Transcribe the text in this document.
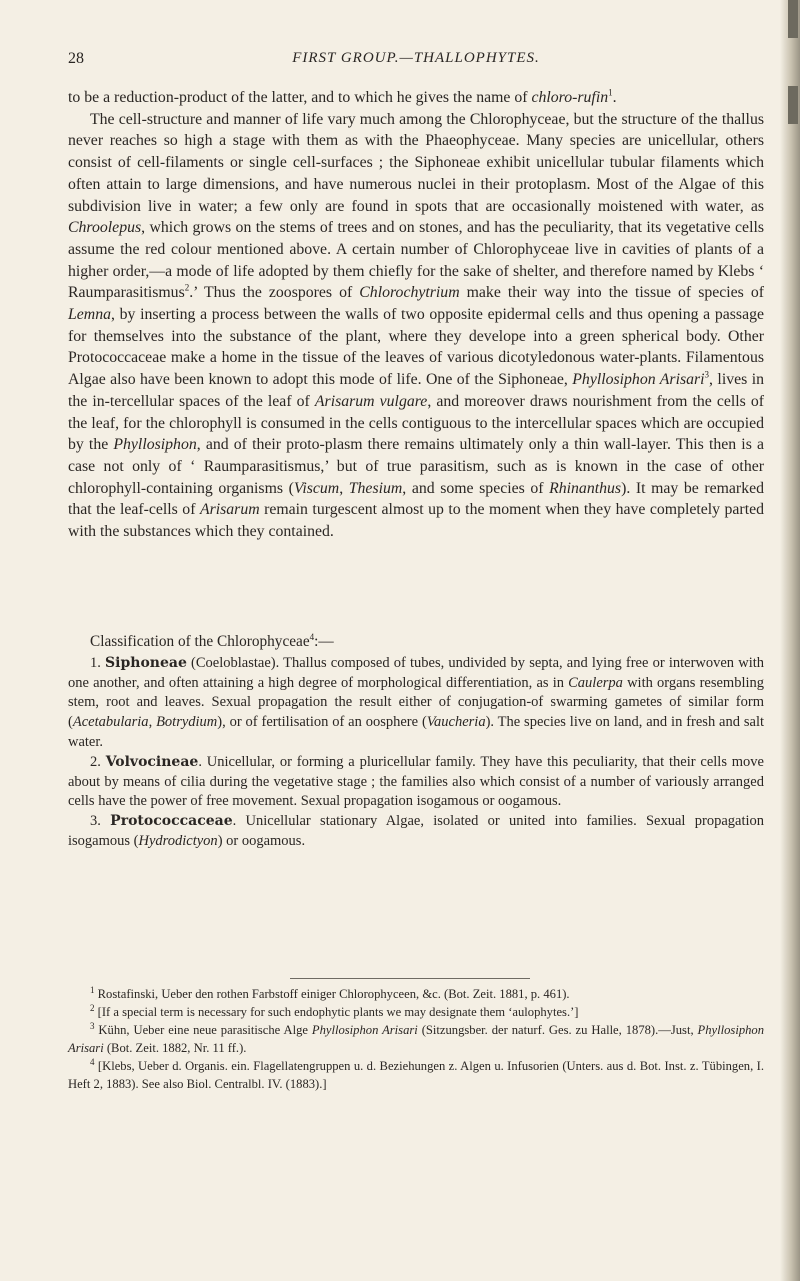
28	FIRST GROUP.—THALLOPHYTES.

to be a reduction-product of the latter, and to which he gives the name of chloro-rufin$^1$.

The cell-structure and manner of life vary much among the Chlorophyceae, but the structure of the thallus never reaches so high a stage with them as with the Phaeophyceae. Many species are unicellular, others consist of cell-filaments or single cell-surfaces ; the Siphoneae exhibit unicellular tubular filaments which often attain to large dimensions, and have numerous nuclei in their protoplasm. Most of the Algae of this subdivision live in water; a few only are found in spots that are occasionally moistened with water, as Chroolepus, which grows on the stems of trees and on stones, and has the peculiarity, that its vegetative cells assume the red colour mentioned above. A certain number of Chlorophyceae live in cavities of plants of a higher order,—a mode of life adopted by them chiefly for the sake of shelter, and therefore named by Klebs ‘ Raumparasitismus$^2$.’ Thus the zoospores of Chlorochytrium make their way into the tissue of species of Lemna, by inserting a process between the walls of two opposite epidermal cells and thus opening a passage for themselves into the substance of the plant, where they develope into a green spherical body. Other Protococcaceae make a home in the tissue of the leaves of various dicotyledonous water-plants. Filamentous Algae also have been known to adopt this mode of life. One of the Siphoneae, Phyllosiphon Arisari$^3$, lives in the in-tercellular spaces of the leaf of Arisarum vulgare, and moreover draws nourishment from the cells of the leaf, for the chlorophyll is consumed in the cells contiguous to the intercellular spaces which are occupied by the Phyllosiphon, and of their proto-plasm there remains ultimately only a thin wall-layer. This then is a case not only of ‘ Raumparasitismus,’ but of true parasitism, such as is known in the case of other chlorophyll-containing organisms (Viscum, Thesium, and some species of Rhinanthus). It may be remarked that the leaf-cells of Arisarum remain turgescent almost up to the moment when they have completely parted with the substances which they contained.

Classification of the Chlorophyceae$^4$:—

1. Siphoneae (Coeloblastae). Thallus composed of tubes, undivided by septa, and lying free or interwoven with one another, and often attaining a high degree of morphological differentiation, as in Caulerpa with organs resembling stem, root and leaves. Sexual propagation the result either of conjugation-of swarming gametes of similar form (Acetabularia, Botrydium), or of fertilisation of an oosphere (Vaucheria). The species live on land, and in fresh and salt water.

2. Volvocineae. Unicellular, or forming a pluricellular family. They have this peculiarity, that their cells move about by means of cilia during the vegetative stage ; the families also which consist of a number of variously arranged cells have the power of free movement. Sexual propagation isogamous or oogamous.

3. Protococcaceae. Unicellular stationary Algae, isolated or united into families. Sexual propagation isogamous (Hydrodictyon) or oogamous.

$^1$ Rostafinski, Ueber den rothen Farbstoff einiger Chlorophyceen, &c. (Bot. Zeit. 1881, p. 461).

$^2$ [If a special term is necessary for such endophytic plants we may designate them ‘aulophytes.’]

$^3$ Kühn, Ueber eine neue parasitische Alge Phyllosiphon Arisari (Sitzungsber. der naturf. Ges. zu Halle, 1878).—Just, Phyllosiphon Arisari (Bot. Zeit. 1882, Nr. 11 ff.).

$^4$ [Klebs, Ueber d. Organis. ein. Flagellatengruppen u. d. Beziehungen z. Algen u. Infusorien (Unters. aus d. Bot. Inst. z. Tübingen, I. Heft 2, 1883). See also Biol. Centralbl. IV. (1883).]
